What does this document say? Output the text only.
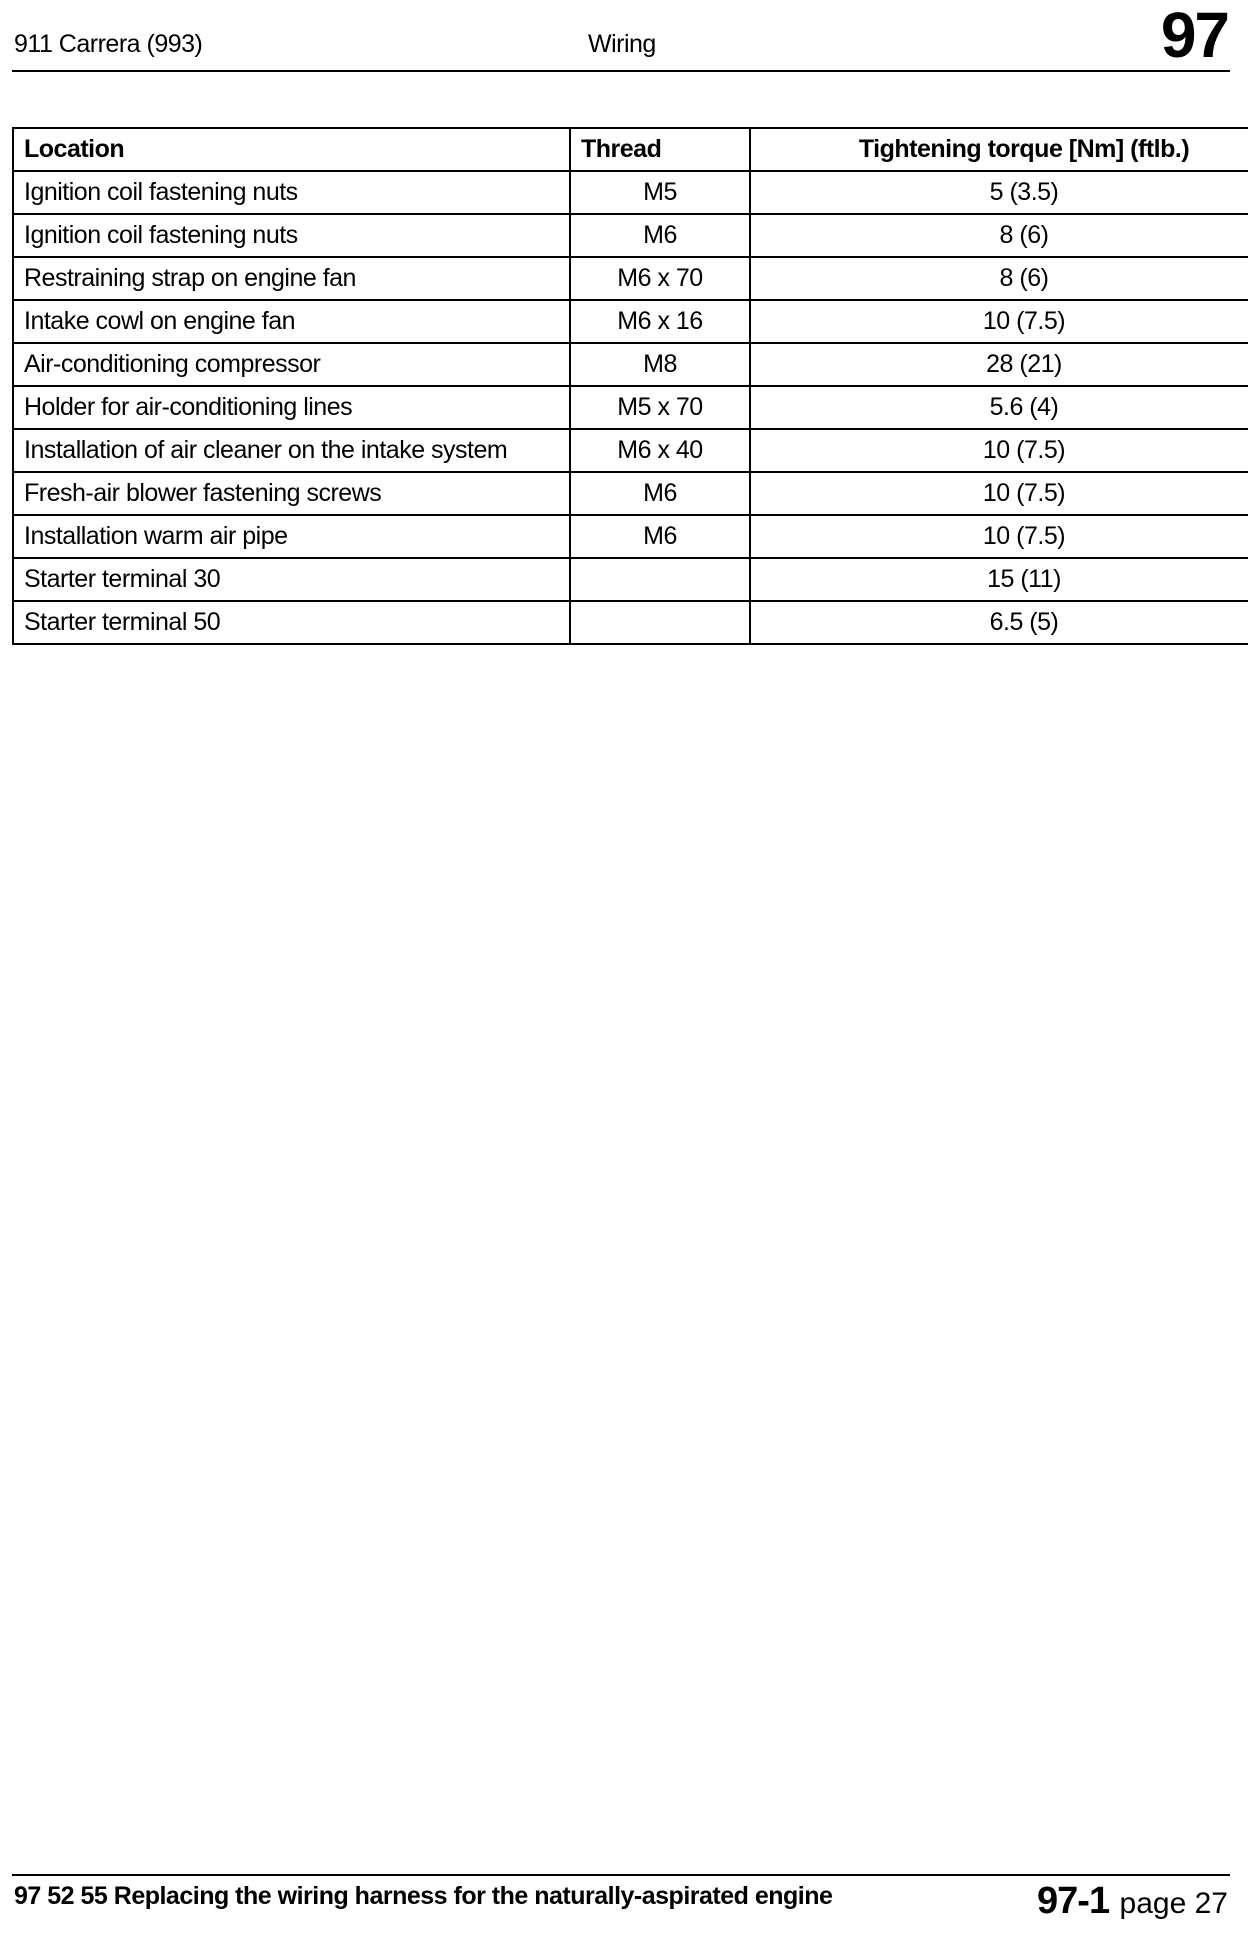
911 Carrera (993)	Wiring	97
Location	Thread	Tightening torque [Nm] (ftlb.)
Ignition coil fastening nuts	M5	5 (3.5)
Ignition coil fastening nuts	M6	8 (6)
Restraining strap on engine fan	M6 x 70	8 (6)
Intake cowl on engine fan	M6 x 16	10 (7.5)
Air-conditioning compressor	M8	28 (21)
Holder for air-conditioning lines	M5 x 70	5.6 (4)
Installation of air cleaner on the intake system	M6 x 40	10 (7.5)
Fresh-air blower fastening screws	M6	10 (7.5)
Installation warm air pipe	M6	10 (7.5)
Starter terminal 30		15 (11)
Starter terminal 50		6.5 (5)
97 52 55 Replacing the wiring harness for the naturally-aspirated engine	97-1 page 27
